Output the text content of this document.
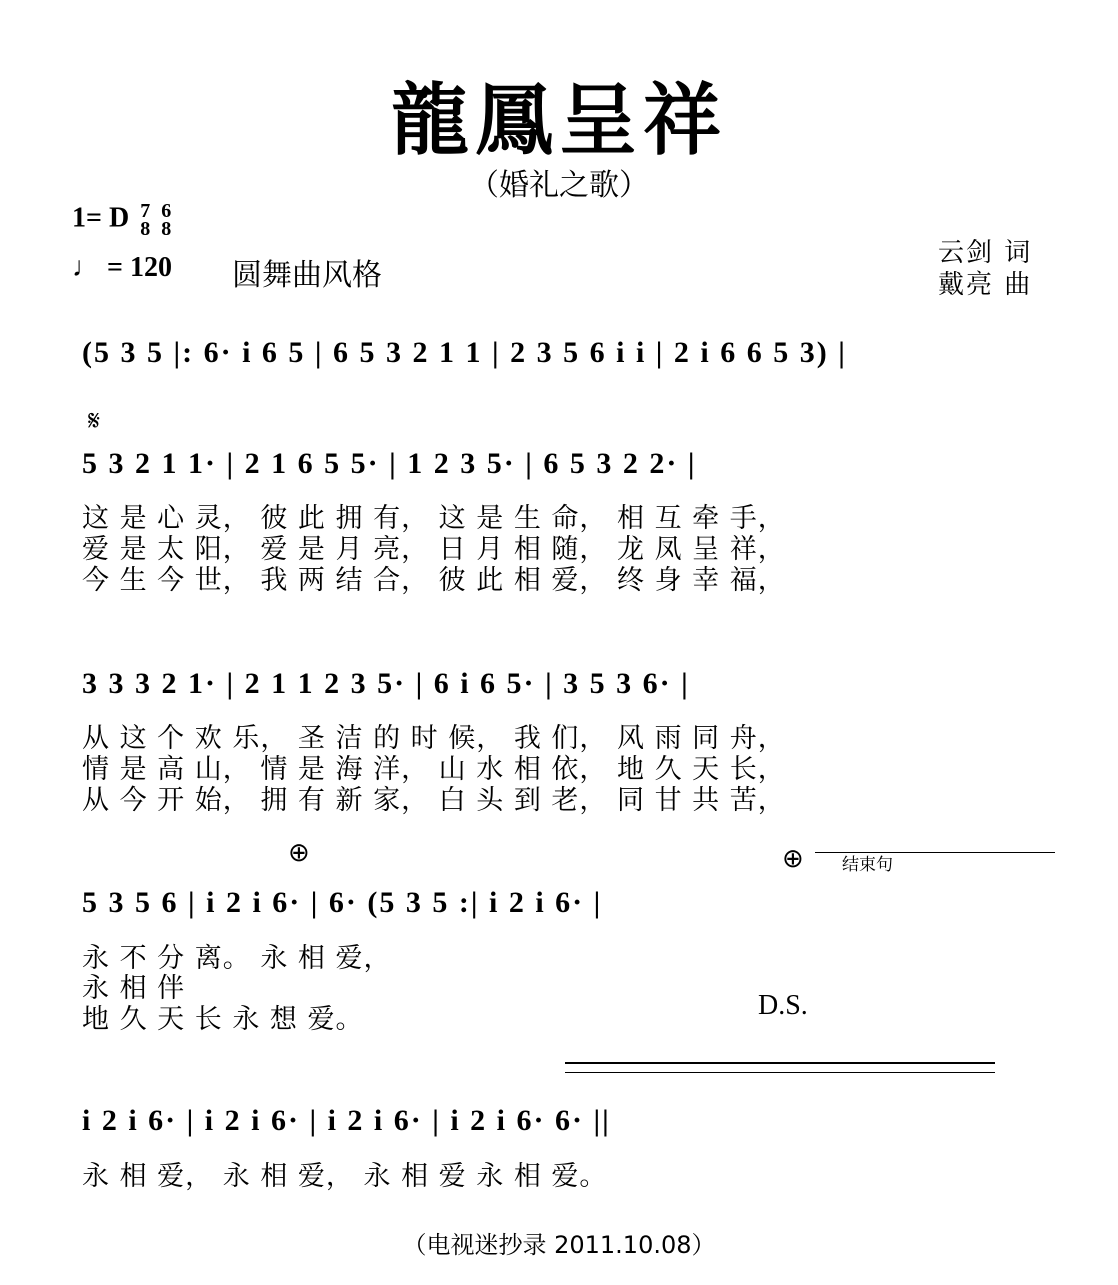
龍鳳呈祥
（婚礼之歌）
1= D 7
8

6
8
♩ = 120 圆舞曲风格
云剑 词
戴亮 曲
(5 3 5 |: 6· i 6 5 | 6 5 3 2 1 1 | 2 3 5 6 i i | 2 i 6 6 5 3) |
𝄋
5 3 2 1 1· | 2 1 6 5 5· | 1 2 3 5· | 6 5 3 2 2· |
这 是 心 灵， 彼 此 拥 有， 这 是 生 命， 相 互 牵 手，
爱 是 太 阳， 爱 是 月 亮， 日 月 相 随， 龙 凤 呈 祥，
今 生 今 世， 我 两 结 合， 彼 此 相 爱， 终 身 幸 福，
3 3 3 2 1· | 2 1 1 2 3 5· | 6 i 6 5· | 3 5 3 6· |
从 这 个 欢 乐， 圣 洁 的 时 候， 我 们， 风 雨 同 舟，
情 是 高 山， 情 是 海 洋， 山 水 相 依， 地 久 天 长，
从 今 开 始， 拥 有 新 家， 白 头 到 老， 同 甘 共 苦，
⊕	⊕ 结束句
5 3 5 6 | i 2 i 6· | 6· (5 3 5 :| i 2 i 6· |
永 不 分 离。 永 相 爱，
永 相 伴
地 久 天 长 永 想 爱。	D.S.
i 2 i 6· | i 2 i 6· | i 2 i 6· | i 2 i 6· 6· ||
永 相 爱， 永 相 爱， 永 相 爱 永 相 爱。
（电视迷抄录 2011.10.08）
